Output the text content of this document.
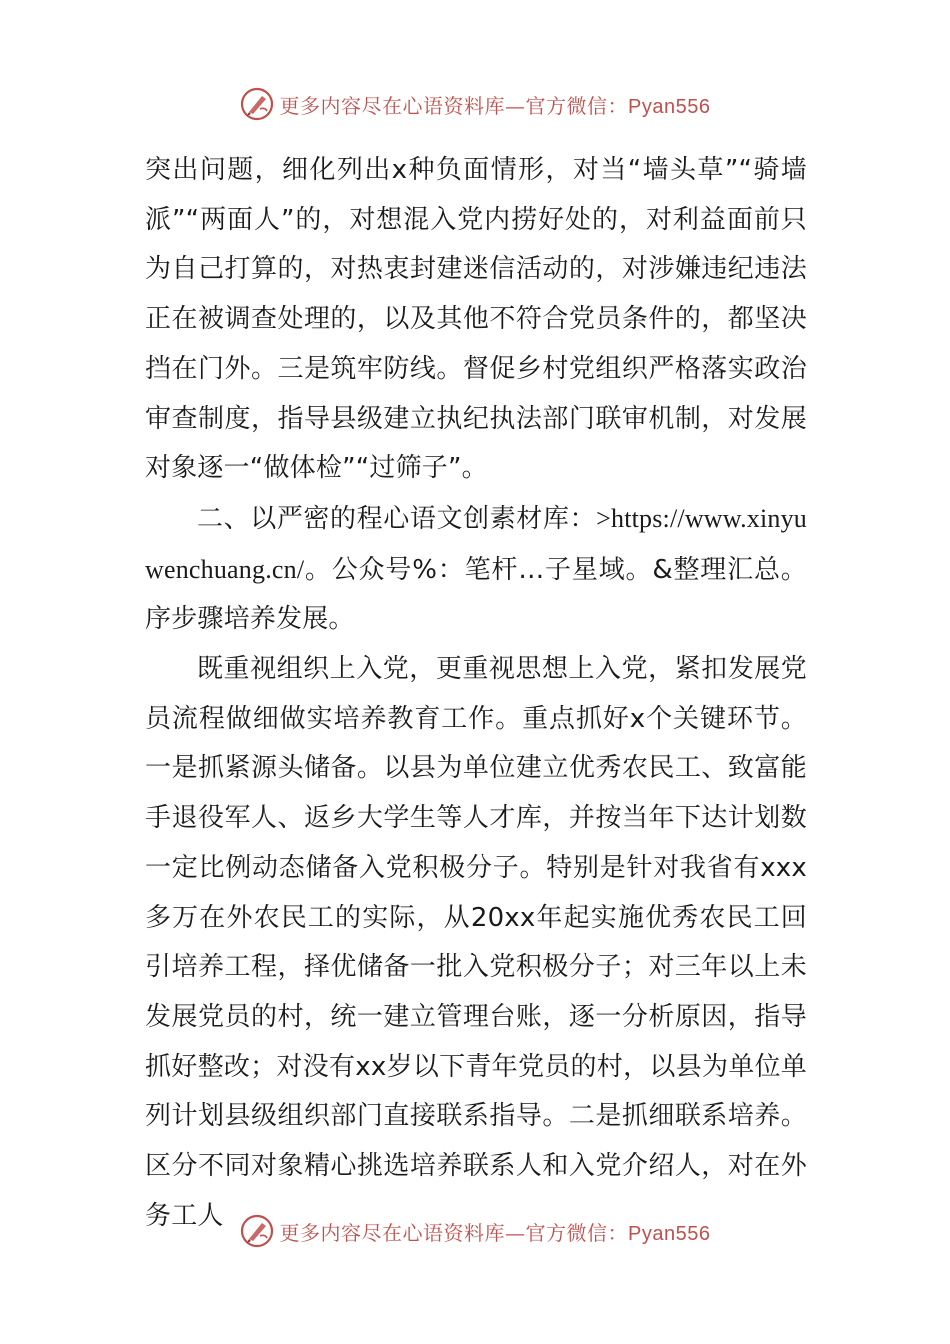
更多内容尽在心语资料库—官方微信：Pyan556

突出问题，细化列出x种负面情形，对当“墙头草”“骑墙派”“两面人”的，对想混入党内捞好处的，对利益面前只为自己打算的，对热衷封建迷信活动的，对涉嫌违纪违法正在被调查处理的，以及其他不符合党员条件的，都坚决挡在门外。三是筑牢防线。督促乡村党组织严格落实政治审查制度，指导县级建立执纪执法部门联审机制，对发展对象逐一“做体检”“过筛子”。

二、以严密的程心语文创素材库：>https://www.xinyuwenchuang.cn/。公众号%：笔杆…子星域。&整理汇总。序步骤培养发展。

既重视组织上入党，更重视思想上入党，紧扣发展党员流程做细做实培养教育工作。重点抓好x个关键环节。一是抓紧源头储备。以县为单位建立优秀农民工、致富能手退役军人、返乡大学生等人才库，并按当年下达计划数一定比例动态储备入党积极分子。特别是针对我省有xxx多万在外农民工的实际，从20xx年起实施优秀农民工回引培养工程，择优储备一批入党积极分子；对三年以上未发展党员的村，统一建立管理台账，逐一分析原因，指导抓好整改；对没有xx岁以下青年党员的村，以县为单位单列计划县级组织部门直接联系指导。二是抓细联系培养。区分不同对象精心挑选培养联系人和入党介绍人，对在外务工人

更多内容尽在心语资料库—官方微信：Pyan556
